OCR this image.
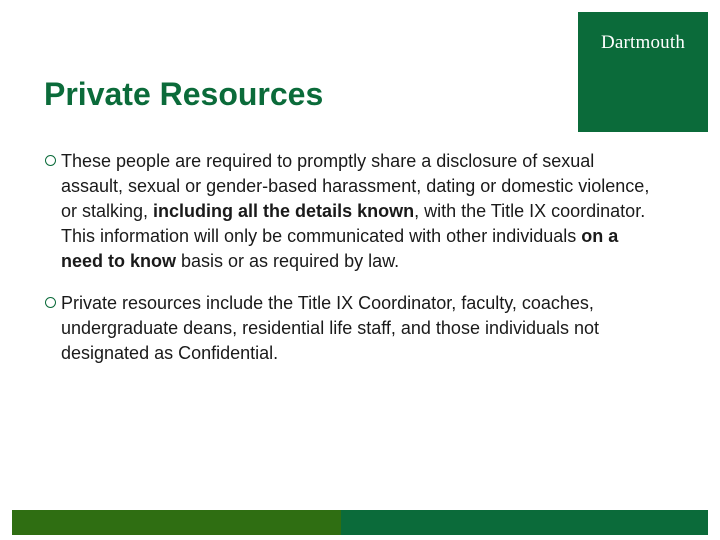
Dartmouth
Private Resources
These people are required to promptly share a disclosure of sexual assault, sexual or gender-based harassment, dating or domestic violence, or stalking, including all the details known, with the Title IX coordinator. This information will only be communicated with other individuals on a need to know basis or as required by law.
Private resources include the Title IX Coordinator, faculty, coaches, undergraduate deans, residential life staff, and those individuals not designated as Confidential.
